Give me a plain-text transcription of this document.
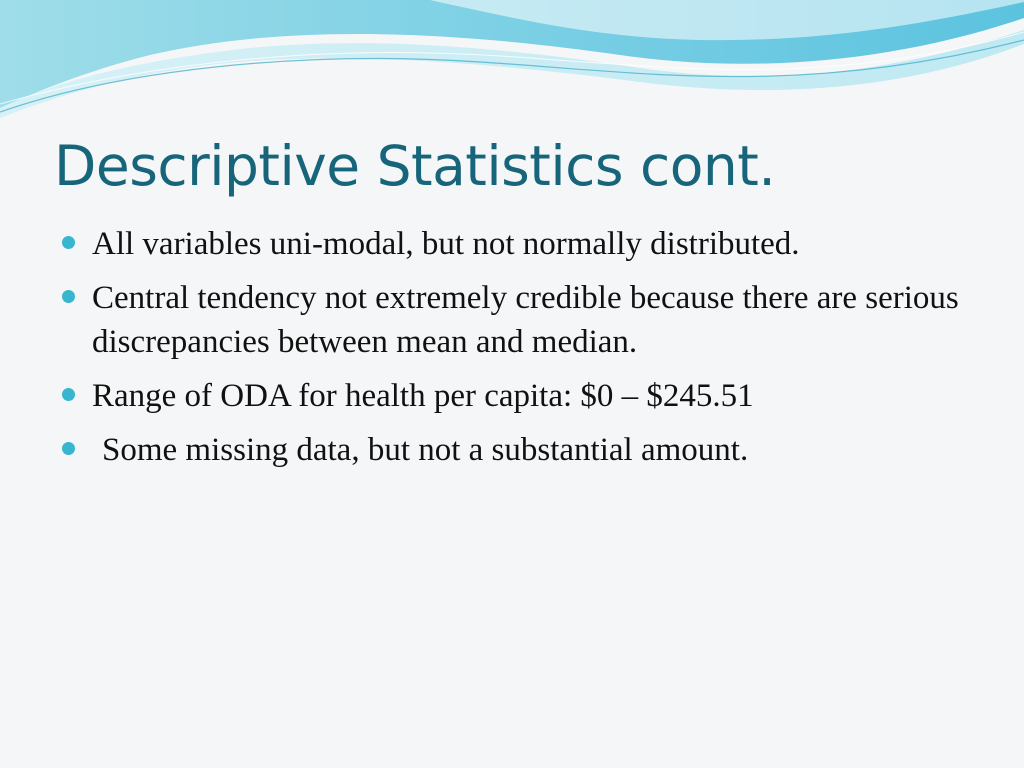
Descriptive Statistics cont.
All variables uni-modal, but not normally distributed.
Central tendency not extremely credible because there are serious discrepancies between mean and median.
Range of ODA for health per capita: $0 – $245.51
Some missing data, but not a substantial amount.
